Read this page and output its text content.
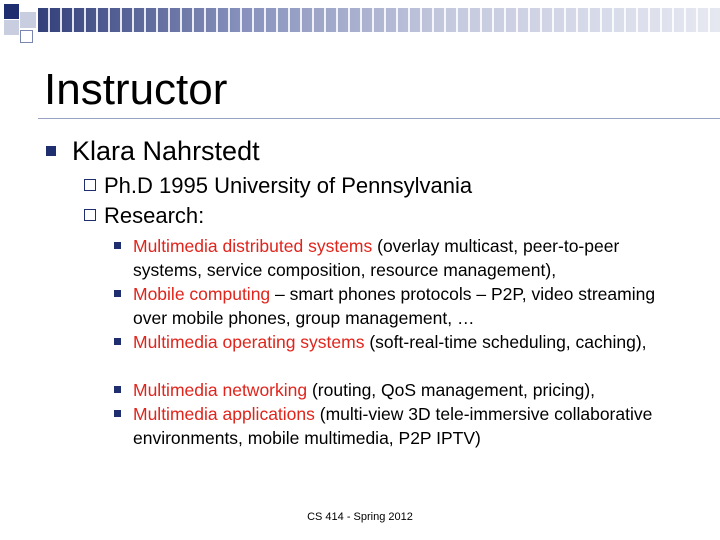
Instructor
Klara Nahrstedt
Ph.D 1995 University of Pennsylvania
Research:
Multimedia distributed systems (overlay multicast, peer-to-peer systems, service composition, resource management),
Mobile computing – smart phones protocols – P2P, video streaming over mobile phones, group management, …
Multimedia operating systems (soft-real-time scheduling, caching),
Multimedia networking (routing, QoS management, pricing),
Multimedia applications (multi-view 3D tele-immersive collaborative environments, mobile multimedia, P2P IPTV)
CS 414 - Spring 2012
